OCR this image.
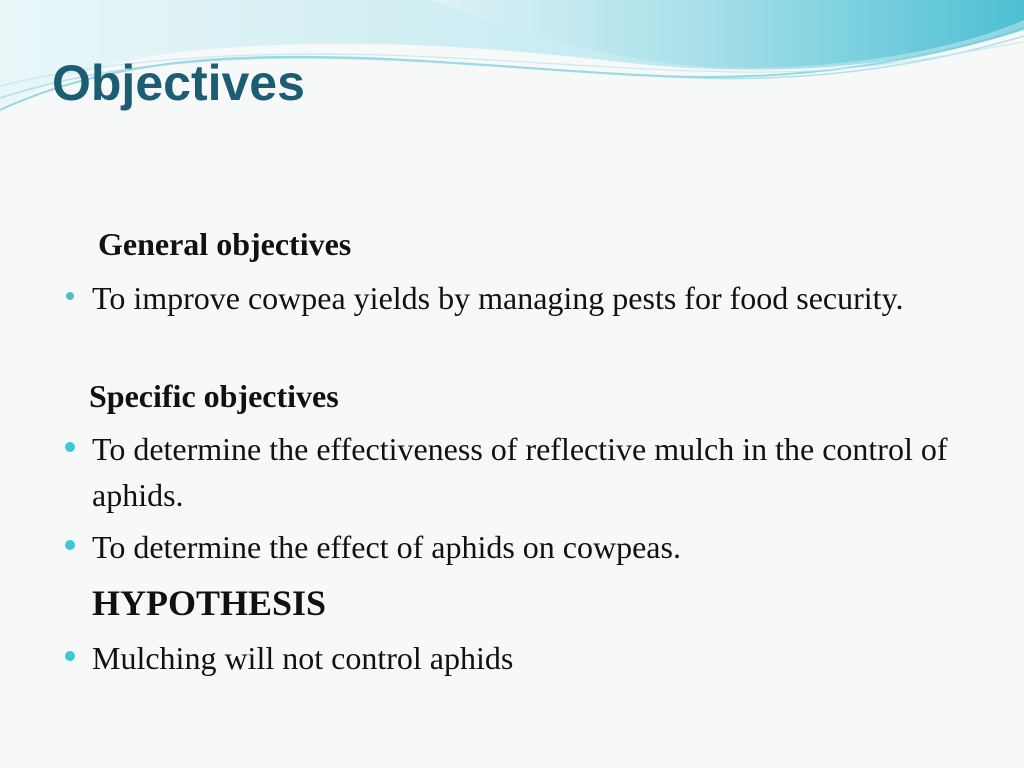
Objectives
General objectives
To improve cowpea yields by managing pests for food security.
Specific objectives
To determine the effectiveness of reflective mulch in the control of aphids.
To determine the effect of aphids on cowpeas.
HYPOTHESIS
Mulching will not control aphids
